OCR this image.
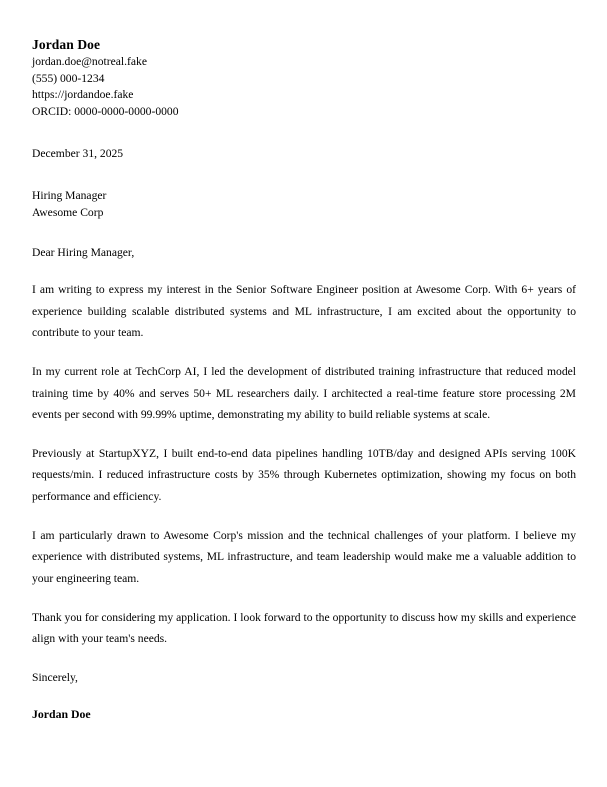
Jordan Doe

jordan.doe@notreal.fake

(555) 000-1234

https://jordandoe.fake

ORCID: 0000-0000-0000-0000

December 31, 2025

Hiring Manager

Awesome Corp

Dear Hiring Manager,

I am writing to express my interest in the Senior Software Engineer position at Awesome Corp. With 6+ years of experience building scalable distributed systems and ML infrastructure, I am excited about the opportunity to contribute to your team.

In my current role at TechCorp AI, I led the development of distributed training infrastructure that reduced model training time by 40% and serves 50+ ML researchers daily. I architected a real-time feature store processing 2M events per second with 99.99% uptime, demonstrating my ability to build reliable systems at scale.

Previously at StartupXYZ, I built end-to-end data pipelines handling 10TB/day and designed APIs serving 100K requests/min. I reduced infrastructure costs by 35% through Kubernetes optimization, showing my focus on both performance and efficiency.

I am particularly drawn to Awesome Corp's mission and the technical challenges of your platform. I believe my experience with distributed systems, ML infrastructure, and team leadership would make me a valuable addition to your engineering team.

Thank you for considering my application. I look forward to the opportunity to discuss how my skills and experience align with your team's needs.

Sincerely,

Jordan Doe
